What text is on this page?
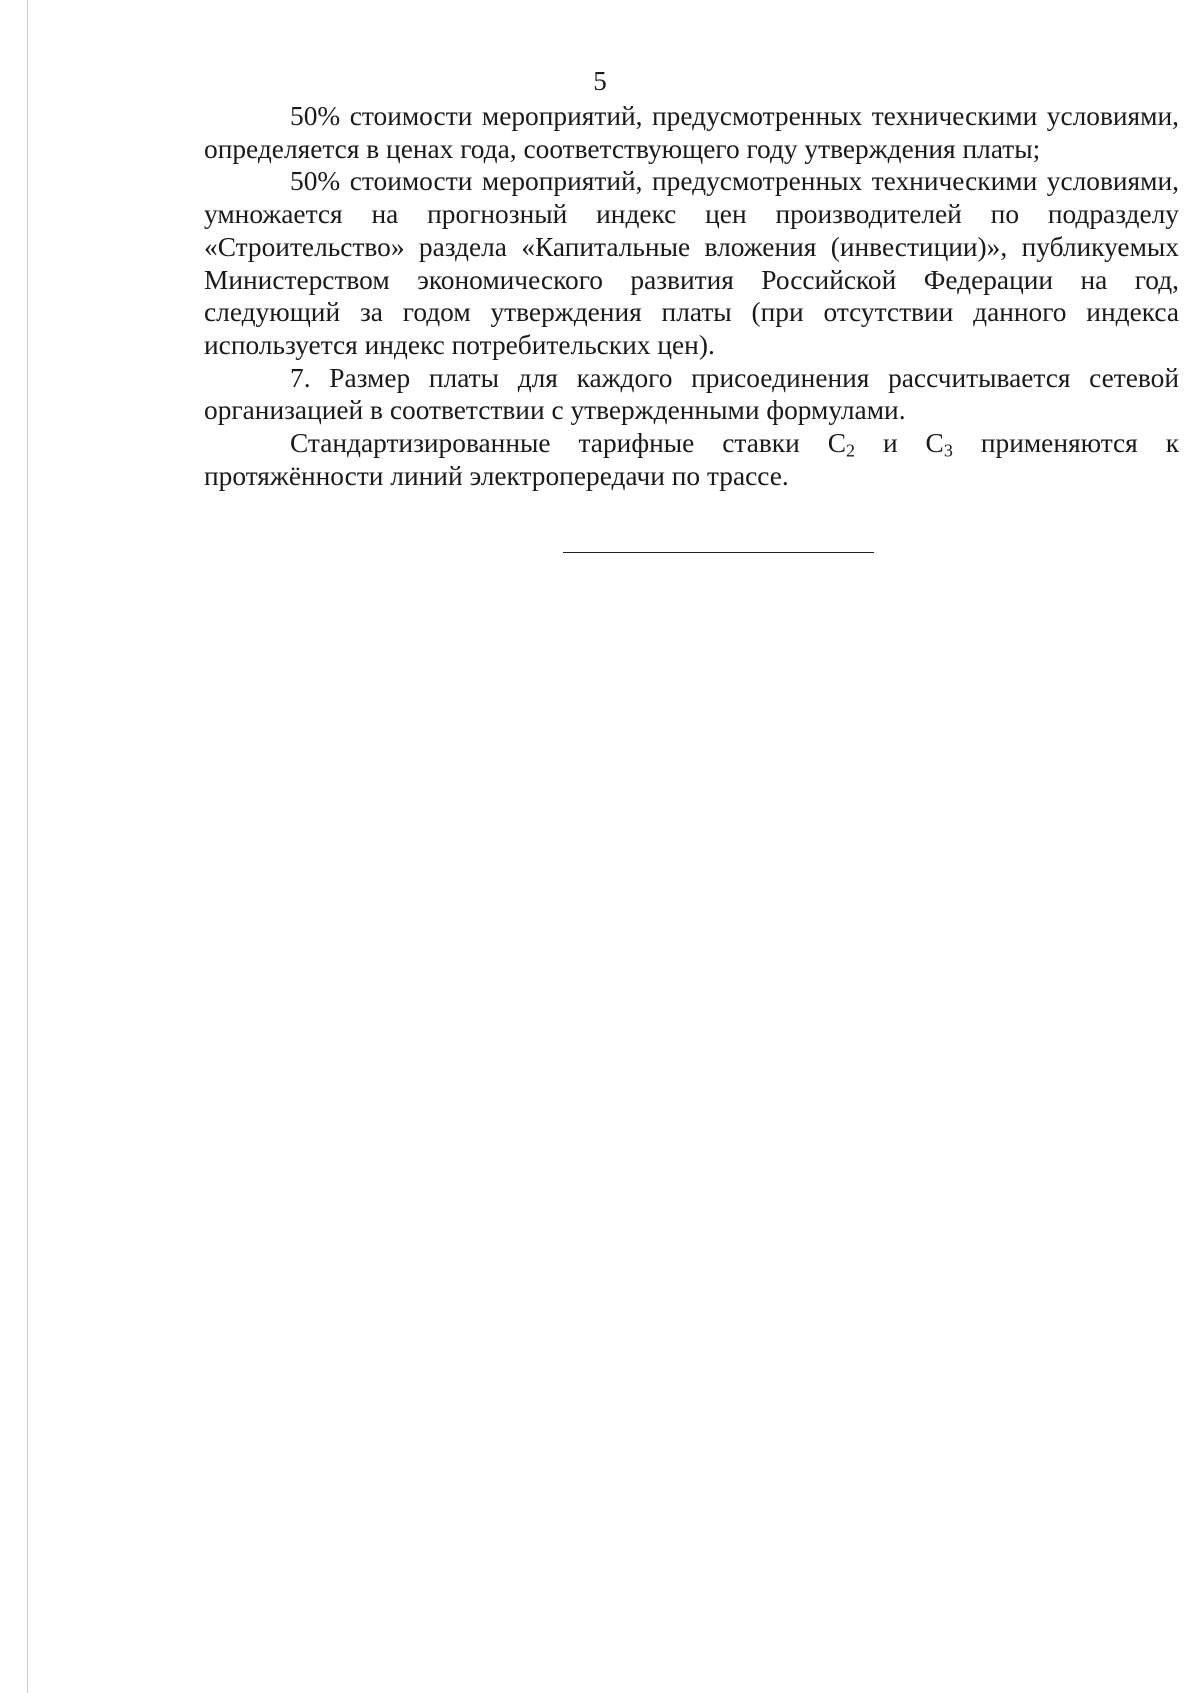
5

50% стоимости мероприятий, предусмотренных техническими условиями, определяется в ценах года, соответствующего году утверждения платы;

50% стоимости мероприятий, предусмотренных техническими условиями, умножается на прогнозный индекс цен производителей по подразделу «Строительство» раздела «Капитальные вложения (инвестиции)», публикуемых Министерством экономического развития Российской Федерации на год, следующий за годом утверждения платы (при отсутствии данного индекса используется индекс потребительских цен).

7. Размер платы для каждого присоединения рассчитывается сетевой организацией в соответствии с утвержденными формулами.

Стандартизированные тарифные ставки $С_2$ и $С_3$ применяются к протяжённости линий электропередачи по трассе.
